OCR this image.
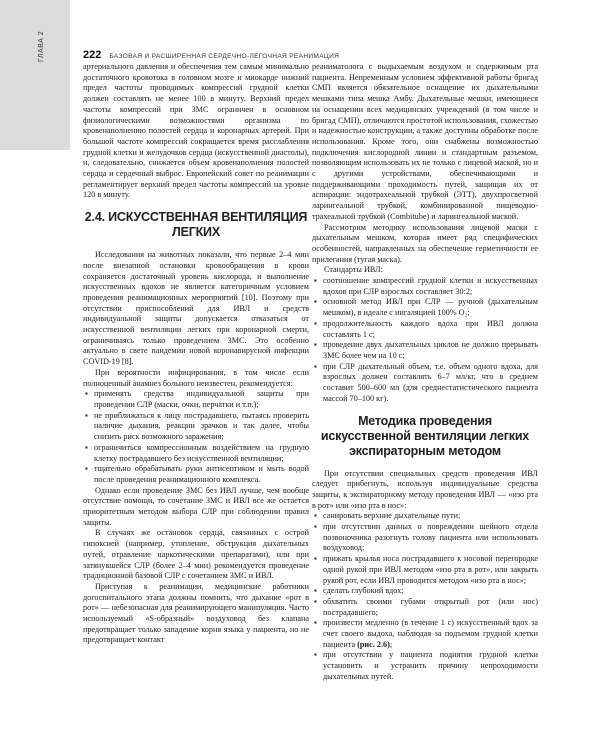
ГЛАВА 2	222 БАЗОВАЯ И РАСШИРЕННАЯ СЕРДЕЧНО-ЛЕГОЧНАЯ РЕАНИМАЦИЯ

артериального давления и обеспечения тем самым минимально достаточного кровотока в головном мозге и миокарде нижний предел частоты проводимых компрессий грудной клетки должен составлять не менее 100 в минуту. Верхний предел частоты компрессий при ЗМС ограничен в основном физиологическими возможностями организма по кровенаполнению полостей сердца и коронарных артерий. При большой частоте компрессий сокращается время расслабления грудной клетки и желудочков сердца (искусственной диастолы), и, следовательно, снижается объем кровенаполнения полостей сердца и сердечный выброс. Европейский совет по реанимации регламентирует верхний предел частоты компрессий на уровне 120 в минуту.

2.4. ИСКУССТВЕННАЯ ВЕНТИЛЯЦИЯ ЛЕГКИХ

Исследования на животных показали, что первые 2–4 мин после внезапной остановки кровообращения в крови сохраняется достаточный уровень кислорода, и выполнение искусственных вдохов не является категоричным условием проведения реанимационных мероприятий [10]. Поэтому при отсутствии приспособлений для ИВЛ и средств индивидуальной защиты допускается отказаться от искусственной вентиляции легких при коронарной смерти, ограничиваясь только проведением ЗМС. Это особенно актуально в свете пандемии новой коронавирусной инфекции COVID-19 [8].

При вероятности инфицирования, в том числе если полноценный анамнез больного неизвестен, рекомендуется:

▪ применять средства индивидуальной защиты при проведении СЛР (маски, очки, перчатки и т.п.);
▪ не приближаться к лицу пострадавшего, пытаясь проверить наличие дыхания, реакции зрачков и так далее, чтобы снизить риск возможного заражения;
▪ ограничиться компрессионным воздействием на грудную клетку пострадавшего без искусственной вентиляции;
▪ тщательно обрабатывать руки антисептиком и мыть водой после проведения реанимационного комплекса.

Однако если проведение ЗМС без ИВЛ лучше, чем вообще отсутствие помощи, то сочетание ЗМС и ИВЛ все же остается приоритетным методом выбора СЛР при соблюдении правил защиты.

В случаях же остановок сердца, связанных с острой гипоксией (например, утопление, обструкция дыхательных путей, отравление наркотическими препаратами), или при затянувшейся СЛР (более 2–4 мин) рекомендуется проведение традиционной базовой СЛР с сочетанием ЗМС и ИВЛ.

Приступая к реанимации, медицинские работники догоспитального этапа должны помнить, что дыхание «рот в рот» — небезопасная для реанимирующего манипуляция. Часто используемый «S-образный» воздуховод без клапана предотвращает только западение корня языка у пациента, но не предотвращает контакт

реаниматолога с выдыхаемым воздухом и содержимым рта пациента. Непременным условием эффективной работы бригад СМП является обязательное оснащение их дыхательными мешками типа мешка Амбу. Дыхательные мешки, имеющиеся на оснащении всех медицинских учреждений (в том числе и бригад СМП), отличаются простотой использования, схожестью и надежностью конструкции, а также доступны обработке после использования. Кроме того, они снабжены возможностью подключения кислородной линии и стандартным разъемом, позволяющим использовать их не только с лицевой маской, но и с другими устройствами, обеспечивающими и поддерживающими проходимость путей, защищая их от аспирации: эндотрахеальной трубкой (ЭТТ), двухпросветной ларингеальной трубкой, комбинированной пищеводно-трахеальной трубкой (Combitube) и ларингеальной маской.

Рассмотрим методику использования лицевой маски с дыхательным мешком, которая имеет ряд специфических особенностей, направленных на обеспечение герметичности ее прилегания (тугая маска).

Стандарты ИВЛ:

▪ соотношение компрессий грудной клетки и искусственных вдохов при СЛР взрослых составляет 30:2;
▪ основной метод ИВЛ при СЛР — ручной (дыхательным мешком), в идеале с ингаляцией 100% O₂;
▪ продолжительность каждого вдоха при ИВЛ должна составлять 1 с;
▪ проведение двух дыхательных циклов не должно прерывать ЗМС более чем на 10 с;
▪ при СЛР дыхательный объем, т.е. объем одного вдоха, для взрослых должен составлять 6–7 мл/кг, что в среднем составит 500–600 мл (для среднестатистического пациента массой 70–100 кг).
Методика проведения искусственной вентиляции легких экспираторным методом

При отсутствии специальных средств проведения ИВЛ следует прибегнуть, используя индивидуальные средства защиты, к экспираторному методу проведения ИВЛ — «изо рта в рот» или «изо рта в нос»:

▪ санировать верхние дыхательные пути;
▪ при отсутствии данных о повреждении шейного отдела позвоночника разогнуть голову пациента или использовать воздуховод;
▪ прижать крылья носа пострадавшего к носовой перегородке одной рукой при ИВЛ методом «изо рта в рот», или закрыть рукой рот, если ИВЛ проводится методом «изо рта в нос»;
▪ сделать глубокий вдох;
▪ обхватить своими губами открытый рот (или нос) пострадавшего;
▪ произвести медленно (в течение 1 с) искусственный вдох за счет своего выдоха, наблюдая за подъемом грудной клетки пациента (рис. 2.6);
▪ при отсутствии у пациента поднятия грудной клетки установить и устранить причину непроходимости дыхательных путей.
